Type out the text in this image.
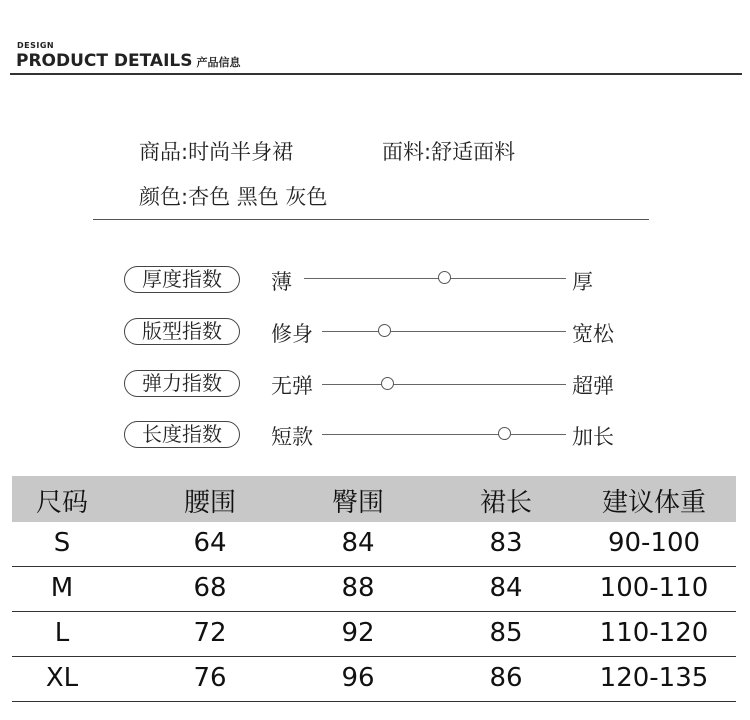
DESIGN
PRODUCT DETAILS 产品信息
商品:时尚半身裙	面料:舒适面料
颜色:杏色 黑色 灰色
厚度指数	薄	厚
版型指数	修身	宽松
弹力指数	无弹	超弹
长度指数	短款	加长
尺码	腰围	臀围	裙长	建议体重
S	64	84	83	90-100
M	68	88	84	100-110
L	72	92	85	110-120
XL	76	96	86	120-135
